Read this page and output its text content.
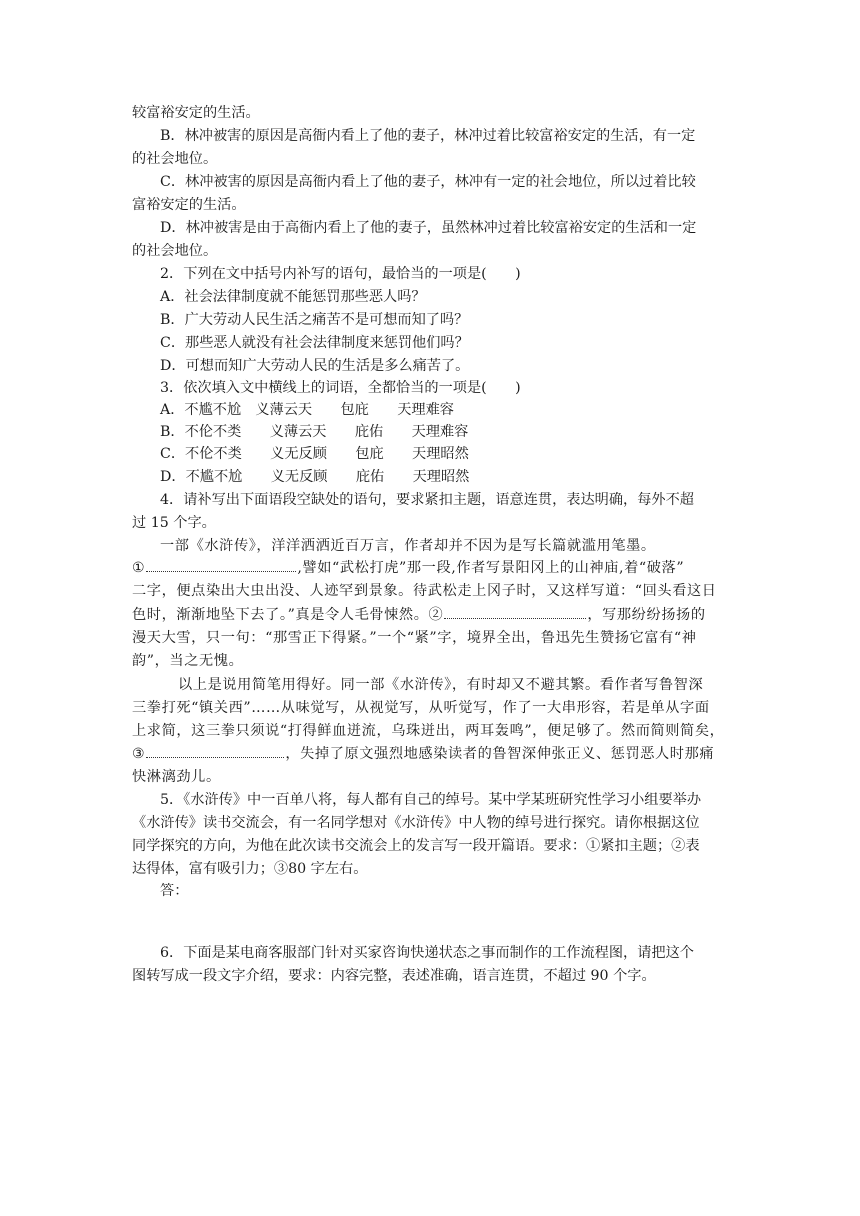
较富裕安定的生活。
B．林冲被害的原因是高衙内看上了他的妻子，林冲过着比较富裕安定的生活，有一定
的社会地位。
C．林冲被害的原因是高衙内看上了他的妻子，林冲有一定的社会地位，所以过着比较
富裕安定的生活。
D．林冲被害是由于高衙内看上了他的妻子，虽然林冲过着比较富裕安定的生活和一定
的社会地位。
2．下列在文中括号内补写的语句，最恰当的一项是(　　)
A．社会法律制度就不能惩罚那些恶人吗？
B．广大劳动人民生活之痛苦不是可想而知了吗？
C．那些恶人就没有社会法律制度来惩罚他们吗？
D．可想而知广大劳动人民的生活是多么痛苦了。
3．依次填入文中横线上的词语，全都恰当的一项是(　　)
A．不尴不尬　义薄云天　　包庇　　天理难容
B．不伦不类　　义薄云天　　庇佑　　天理难容
C．不伦不类　　义无反顾　　包庇　　天理昭然
D．不尴不尬　　义无反顾　　庇佑　　天理昭然
4．请补写出下面语段空缺处的语句，要求紧扣主题，语意连贯，表达明确，每外不超
过 15 个字。
一部《水浒传》，洋洋洒洒近百万言，作者却并不因为是写长篇就滥用笔墨。
①	,譬如“武松打虎”那一段,作者写景阳冈上的山神庙,着“破落”
二字，便点染出大虫出没、人迹罕到景象。待武松走上冈子时，又这样写道：“回头看这日
色时，渐渐地坠下去了。”真是令人毛骨悚然。②	，写那纷纷扬扬的
漫天大雪，只一句：“那雪正下得紧。”一个“紧”字，境界全出，鲁迅先生赞扬它富有“神
韵”，当之无愧。
以上是说用简笔用得好。同一部《水浒传》，有时却又不避其繁。看作者写鲁智深
三拳打死“镇关西”……从味觉写，从视觉写，从听觉写，作了一大串形容，若是单从字面
上求简，这三拳只须说“打得鲜血迸流，乌珠迸出，两耳轰鸣”，便足够了。然而简则简矣，
③	，失掉了原文强烈地感染读者的鲁智深伸张正义、惩罚恶人时那痛
快淋漓劲儿。
5．《水浒传》中一百单八将，每人都有自己的绰号。某中学某班研究性学习小组要举办
《水浒传》读书交流会，有一名同学想对《水浒传》中人物的绰号进行探究。请你根据这位
同学探究的方向，为他在此次读书交流会上的发言写一段开篇语。要求：①紧扣主题；②表
达得体，富有吸引力；③80 字左右。
答：
6．下面是某电商客服部门针对买家咨询快递状态之事而制作的工作流程图，请把这个
图转写成一段文字介绍，要求：内容完整，表述准确，语言连贯，不超过 90 个字。
